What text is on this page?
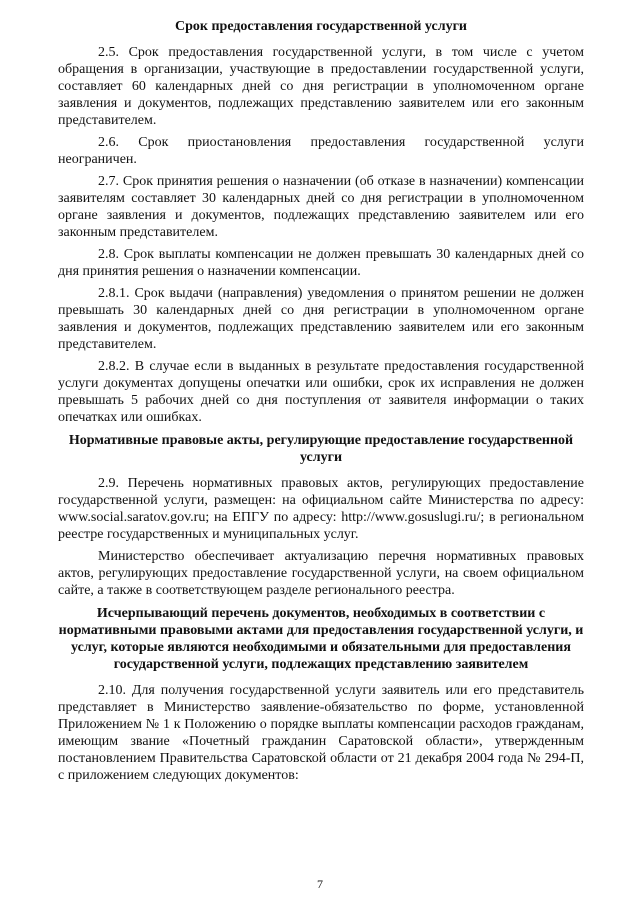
Срок предоставления государственной услуги

2.5. Срок предоставления государственной услуги, в том числе с учетом обращения в организации, участвующие в предоставлении государственной услуги, составляет 60 календарных дней со дня регистрации в уполномоченном органе заявления и документов, подлежащих представлению заявителем или его законным представителем.

2.6. Срок приостановления предоставления государственной услуги неограничен.

2.7. Срок принятия решения о назначении (об отказе в назначении) компенсации заявителям составляет 30 календарных дней со дня регистрации в уполномоченном органе заявления и документов, подлежащих представлению заявителем или его законным представителем.

2.8. Срок выплаты компенсации не должен превышать 30 календарных дней со дня принятия решения о назначении компенсации.

2.8.1. Срок выдачи (направления) уведомления о принятом решении не должен превышать 30 календарных дней со дня регистрации в уполномоченном органе заявления и документов, подлежащих представлению заявителем или его законным представителем.

2.8.2. В случае если в выданных в результате предоставления государственной услуги документах допущены опечатки или ошибки, срок их исправления не должен превышать 5 рабочих дней со дня поступления от заявителя информации о таких опечатках или ошибках.

Нормативные правовые акты, регулирующие предоставление государственной услуги

2.9. Перечень нормативных правовых актов, регулирующих предоставление государственной услуги, размещен: на официальном сайте Министерства по адресу: www.social.saratov.gov.ru; на ЕПГУ по адресу: http://www.gosuslugi.ru/; в региональном реестре государственных и муниципальных услуг.

Министерство обеспечивает актуализацию перечня нормативных правовых актов, регулирующих предоставление государственной услуги, на своем официальном сайте, а также в соответствующем разделе регионального реестра.

Исчерпывающий перечень документов, необходимых в соответствии с нормативными правовыми актами для предоставления государственной услуги, и услуг, которые являются необходимыми и обязательными для предоставления государственной услуги, подлежащих представлению заявителем

2.10. Для получения государственной услуги заявитель или его представитель представляет в Министерство заявление-обязательство по форме, установленной Приложением № 1 к Положению о порядке выплаты компенсации расходов гражданам, имеющим звание «Почетный гражданин Саратовской области», утвержденным постановлением Правительства Саратовской области от 21 декабря 2004 года № 294-П, с приложением следующих документов:

7
